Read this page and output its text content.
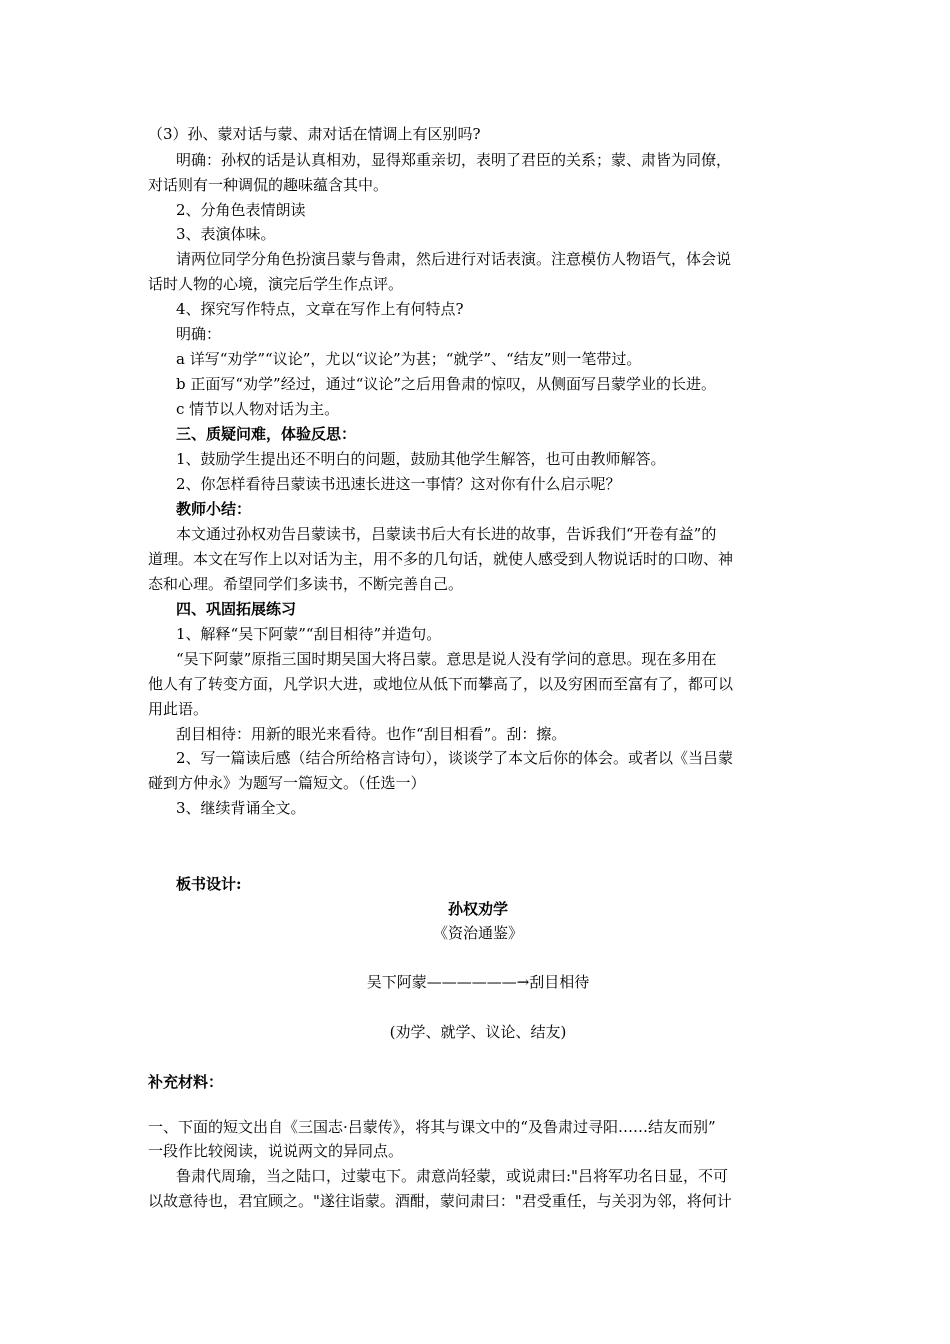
（3）孙、蒙对话与蒙、肃对话在情调上有区别吗?
明确：孙权的话是认真相劝，显得郑重亲切，表明了君臣的关系；蒙、肃皆为同僚，
对话则有一种调侃的趣味蕴含其中。
2、分角色表情朗读
3、表演体味。
请两位同学分角色扮演吕蒙与鲁肃，然后进行对话表演。注意模仿人物语气，体会说
话时人物的心境，演完后学生作点评。
4、探究写作特点，文章在写作上有何特点?
明确：
a 详写“劝学”“议论”，尤以“议论”为甚；“就学”、“结友”则一笔带过。
b 正面写“劝学”经过，通过“议论”之后用鲁肃的惊叹，从侧面写吕蒙学业的长进。
c 情节以人物对话为主。
三、质疑问难，体验反思：
1、鼓励学生提出还不明白的问题，鼓励其他学生解答，也可由教师解答。
2、你怎样看待吕蒙读书迅速长进这一事情？这对你有什么启示呢？
教师小结：
本文通过孙权劝告吕蒙读书，吕蒙读书后大有长进的故事，告诉我们“开卷有益”的
道理。本文在写作上以对话为主，用不多的几句话，就使人感受到人物说话时的口吻、神
态和心理。希望同学们多读书，不断完善自己。
四、巩固拓展练习
1、解释“吴下阿蒙”“刮目相待”并造句。
“吴下阿蒙”原指三国时期吴国大将吕蒙。意思是说人没有学问的意思。现在多用在
他人有了转变方面，凡学识大进，或地位从低下而攀高了，以及穷困而至富有了，都可以
用此语。
刮目相待：用新的眼光来看待。也作“刮目相看”。刮：擦。
2、写一篇读后感（结合所给格言诗句），谈谈学了本文后你的体会。或者以《当吕蒙
碰到方仲永》为题写一篇短文。（任选一）
3、继续背诵全文。
板书设计:
孙权劝学
《资治通鉴》
吴下阿蒙——————→刮目相待
(劝学、就学、议论、结友)
补充材料：
一、下面的短文出自《三国志·吕蒙传》，将其与课文中的“及鲁肃过寻阳……结友而别”
一段作比较阅读，说说两文的异同点。
鲁肃代周瑜，当之陆口，过蒙屯下。肃意尚轻蒙，或说肃曰:"吕将军功名日显，不可
以故意待也，君宜顾之。"遂往诣蒙。酒酣，蒙问肃曰："君受重任，与关羽为邻，将何计
